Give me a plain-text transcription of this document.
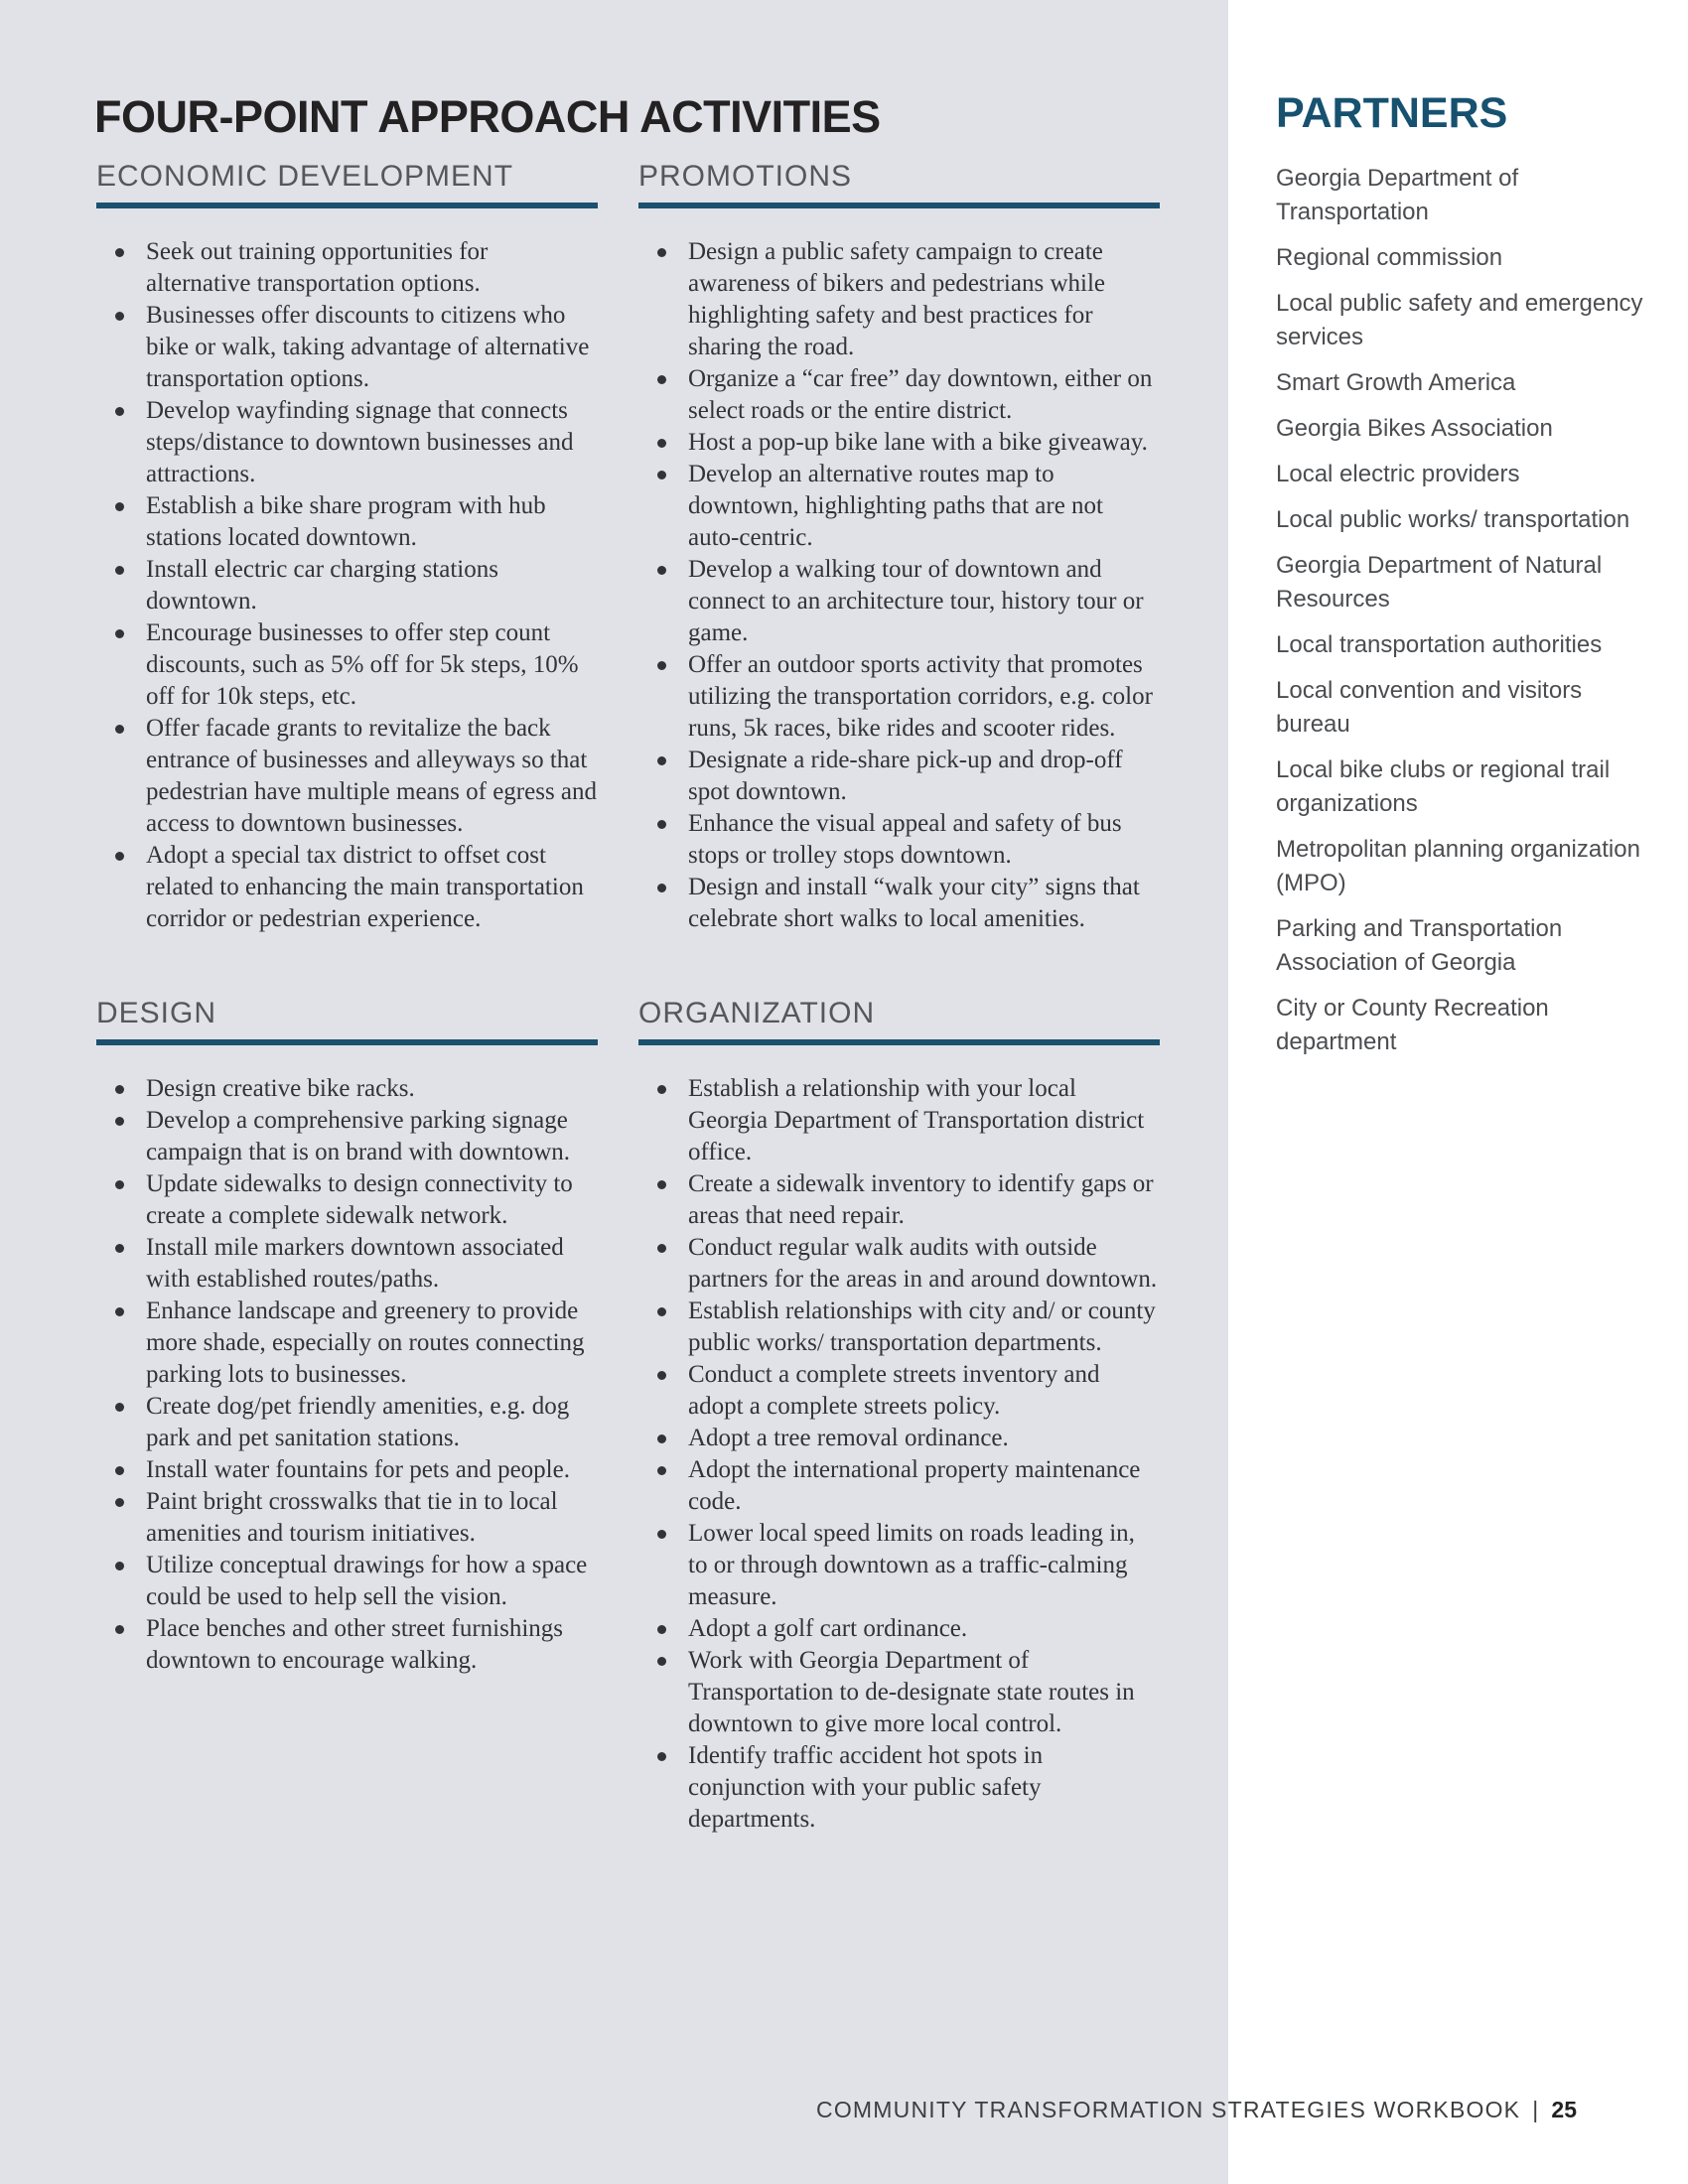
FOUR-POINT APPROACH ACTIVITIES
ECONOMIC DEVELOPMENT
Seek out training opportunities for alternative transportation options.
Businesses offer discounts to citizens who bike or walk, taking advantage of alternative transportation options.
Develop wayfinding signage that connects steps/distance to downtown businesses and attractions.
Establish a bike share program with hub stations located downtown.
Install electric car charging stations downtown.
Encourage businesses to offer step count discounts, such as 5% off for 5k steps, 10% off for 10k steps, etc.
Offer facade grants to revitalize the back entrance of businesses and alleyways so that pedestrian have multiple means of egress and access to downtown businesses.
Adopt a special tax district to offset cost related to enhancing the main transportation corridor or pedestrian experience.
DESIGN
Design creative bike racks.
Develop a comprehensive parking signage campaign that is on brand with downtown.
Update sidewalks to design connectivity to create a complete sidewalk network.
Install mile markers downtown associated with established routes/paths.
Enhance landscape and greenery to provide more shade, especially on routes connecting parking lots to businesses.
Create dog/pet friendly amenities, e.g. dog park and pet sanitation stations.
Install water fountains for pets and people.
Paint bright crosswalks that tie in to local amenities and tourism initiatives.
Utilize conceptual drawings for how a space could be used to help sell the vision.
Place benches and other street furnishings downtown to encourage walking.
PROMOTIONS
Design a public safety campaign to create awareness of bikers and pedestrians while highlighting safety and best practices for sharing the road.
Organize a “car free” day downtown, either on select roads or the entire district.
Host a pop-up bike lane with a bike giveaway.
Develop an alternative routes map to downtown, highlighting paths that are not auto-centric.
Develop a walking tour of downtown and connect to an architecture tour, history tour or game.
Offer an outdoor sports activity that promotes utilizing the transportation corridors, e.g. color runs, 5k races, bike rides and scooter rides.
Designate a ride-share pick-up and drop-off spot downtown.
Enhance the visual appeal and safety of bus stops or trolley stops downtown.
Design and install “walk your city” signs that celebrate short walks to local amenities.
ORGANIZATION
Establish a relationship with your local Georgia Department of Transportation district office.
Create a sidewalk inventory to identify gaps or areas that need repair.
Conduct regular walk audits with outside partners for the areas in and around downtown.
Establish relationships with city and/ or county public works/ transportation departments.
Conduct a complete streets inventory and adopt a complete streets policy.
Adopt a tree removal ordinance.
Adopt the international property maintenance code.
Lower local speed limits on roads leading in, to or through downtown as a traffic-calming measure.
Adopt a golf cart ordinance.
Work with Georgia Department of Transportation to de-designate state routes in downtown to give more local control.
Identify traffic accident hot spots in conjunction with your public safety departments.
PARTNERS
Georgia Department of Transportation
Regional commission
Local public safety and emergency services
Smart Growth America
Georgia Bikes Association
Local electric providers
Local public works/ transportation
Georgia Department of Natural Resources
Local transportation authorities
Local convention and visitors bureau
Local bike clubs or regional trail organizations
Metropolitan planning organization (MPO)
Parking and Transportation Association of Georgia
City or County Recreation department
COMMUNITY TRANSFORMATION STRATEGIES WORKBOOK | 25
